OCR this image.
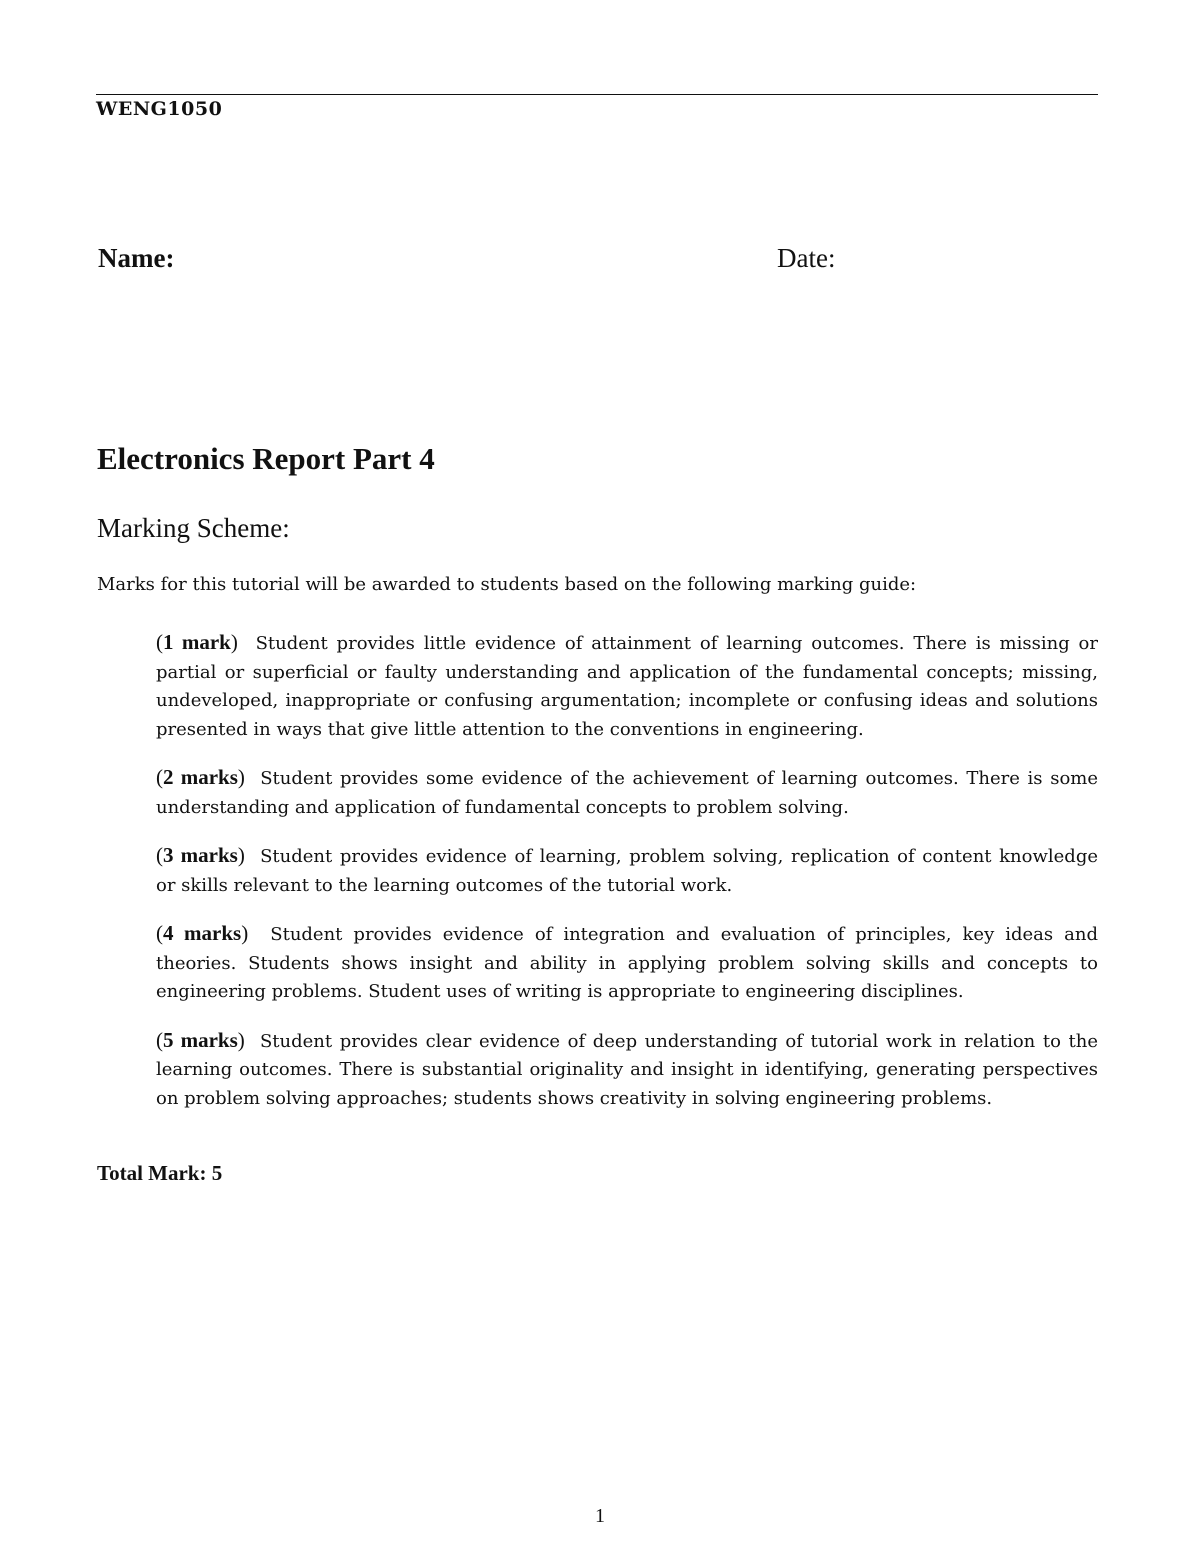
WENG1050
Name:	Date:
Electronics Report Part 4
Marking Scheme:
Marks for this tutorial will be awarded to students based on the following marking guide:

(1 mark) Student provides little evidence of attainment of learning outcomes. There is missing or partial or superficial or faulty understanding and application of the fundamental concepts; missing, undeveloped, inappropriate or confusing argumentation; incomplete or confusing ideas and solutions presented in ways that give little attention to the conventions in engineering.

(2 marks) Student provides some evidence of the achievement of learning outcomes. There is some understanding and application of fundamental concepts to problem solving.

(3 marks) Student provides evidence of learning, problem solving, replication of content knowledge or skills relevant to the learning outcomes of the tutorial work.

(4 marks) Student provides evidence of integration and evaluation of principles, key ideas and theories. Students shows insight and ability in applying problem solving skills and concepts to engineering problems. Student uses of writing is appropriate to engineering disciplines.

(5 marks) Student provides clear evidence of deep understanding of tutorial work in relation to the learning outcomes. There is substantial originality and insight in identifying, generating perspectives on problem solving approaches; students shows creativity in solving engineering problems.

Total Mark: 5
1
